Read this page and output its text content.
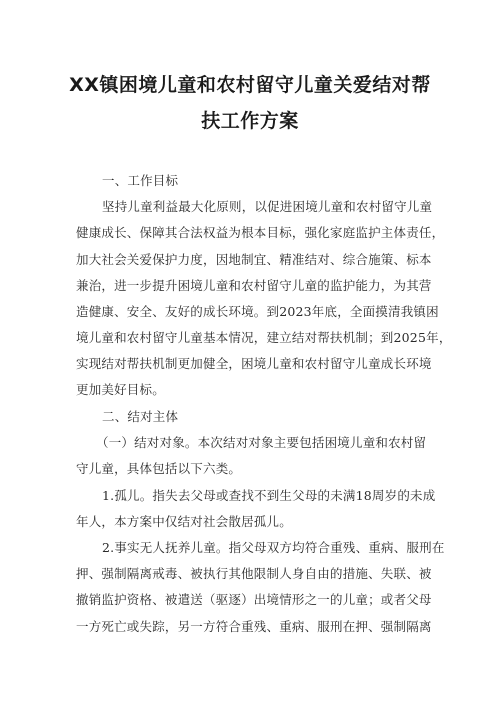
XX镇困境儿童和农村留守儿童关爱结对帮
扶工作方案

一、工作目标

坚持儿童利益最大化原则，以促进困境儿童和农村留守儿童

健康成长、保障其合法权益为根本目标，强化家庭监护主体责任，

加大社会关爱保护力度，因地制宜、精准结对、综合施策、标本

兼治，进一步提升困境儿童和农村留守儿童的监护能力，为其营

造健康、安全、友好的成长环境。到2023年底，全面摸清我镇困

境儿童和农村留守儿童基本情况，建立结对帮扶机制；到2025年，

实现结对帮扶机制更加健全，困境儿童和农村留守儿童成长环境

更加美好目标。

二、结对主体

（一）结对对象。本次结对对象主要包括困境儿童和农村留

守儿童，具体包括以下六类。

1.孤儿。指失去父母或查找不到生父母的未满18周岁的未成

年人，本方案中仅结对社会散居孤儿。

2.事实无人抚养儿童。指父母双方均符合重残、重病、服刑在

押、强制隔离戒毒、被执行其他限制人身自由的措施、失联、被

撤销监护资格、被遣送（驱逐）出境情形之一的儿童；或者父母

一方死亡或失踪，另一方符合重残、重病、服刑在押、强制隔离
